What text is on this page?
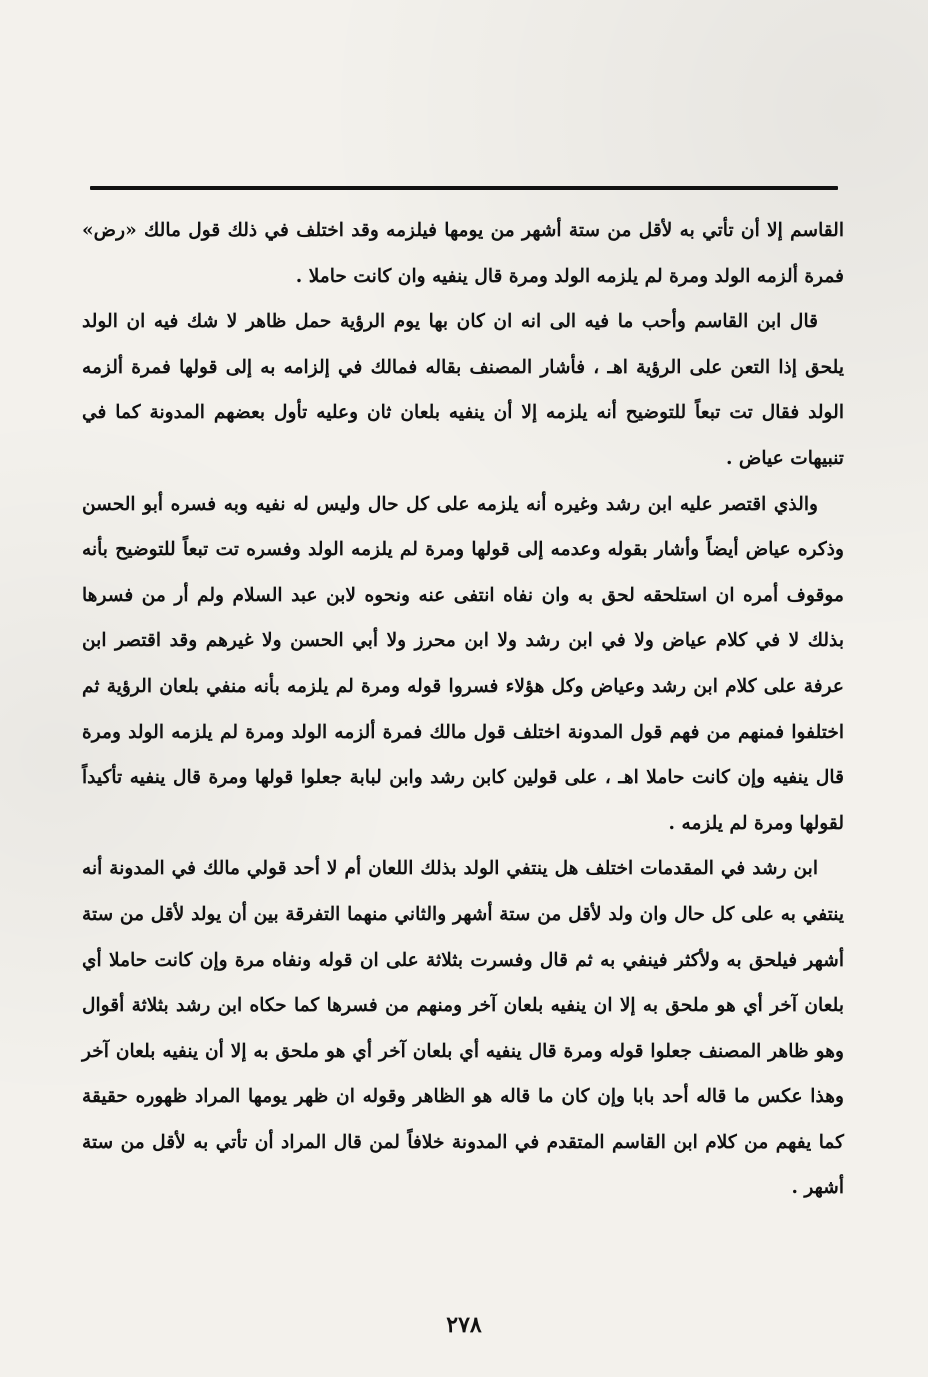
القاسم إلا أن تأتي به لأقل من ستة أشهر من يومها فيلزمه وقد اختلف في ذلك قول مالك «رض» فمرة ألزمه الولد ومرة لم يلزمه الولد ومرة قال ينفيه وان كانت حاملا .

قال ابن القاسم وأحب ما فيه الى انه ان كان بها يوم الرؤية حمل ظاهر لا شك فيه ان الولد يلحق إذا التعن على الرؤية اهـ ، فأشار المصنف بقاله فمالك في إلزامه به إلى قولها فمرة ألزمه الولد فقال تت تبعاً للتوضيح أنه يلزمه إلا أن ينفيه بلعان ثان وعليه تأول بعضهم المدونة كما في تنبيهات عياض .

والذي اقتصر عليه ابن رشد وغيره أنه يلزمه على كل حال وليس له نفيه وبه فسره أبو الحسن وذكره عياض أيضاً وأشار بقوله وعدمه إلى قولها ومرة لم يلزمه الولد وفسره تت تبعاً للتوضيح بأنه موقوف أمره ان استلحقه لحق به وان نفاه انتفى عنه ونحوه لابن عبد السلام ولم أر من فسرها بذلك لا في كلام عياض ولا في ابن رشد ولا ابن محرز ولا أبي الحسن ولا غيرهم وقد اقتصر ابن عرفة على كلام ابن رشد وعياض وكل هؤلاء فسروا قوله ومرة لم يلزمه بأنه منفي بلعان الرؤية ثم اختلفوا فمنهم من فهم قول المدونة اختلف قول مالك فمرة ألزمه الولد ومرة لم يلزمه الولد ومرة قال ينفيه وإن كانت حاملا اهـ ، على قولين كابن رشد وابن لبابة جعلوا قولها ومرة قال ينفيه تأكيداً لقولها ومرة لم يلزمه .

ابن رشد في المقدمات اختلف هل ينتفي الولد بذلك اللعان أم لا أحد قولي مالك في المدونة أنه ينتفي به على كل حال وان ولد لأقل من ستة أشهر والثاني منهما التفرقة بين أن يولد لأقل من ستة أشهر فيلحق به ولأكثر فينفي به ثم قال وفسرت بثلاثة على ان قوله ونفاه مرة وإن كانت حاملا أي بلعان آخر أي هو ملحق به إلا ان ينفيه بلعان آخر ومنهم من فسرها كما حكاه ابن رشد بثلاثة أقوال وهو ظاهر المصنف جعلوا قوله ومرة قال ينفيه أي بلعان آخر أي هو ملحق به إلا أن ينفيه بلعان آخر وهذا عكس ما قاله أحد بابا وإن كان ما قاله هو الظاهر وقوله ان ظهر يومها المراد ظهوره حقيقة كما يفهم من كلام ابن القاسم المتقدم في المدونة خلافاً لمن قال المراد أن تأتي به لأقل من ستة أشهر .

٢٧٨
